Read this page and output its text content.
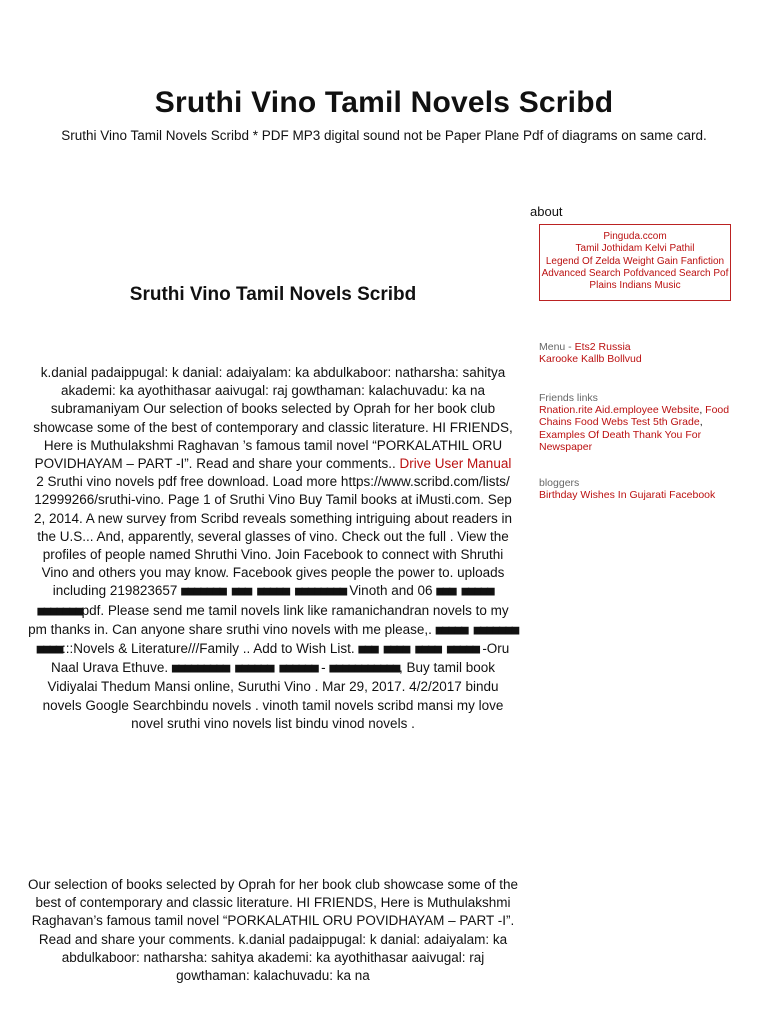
Sruthi Vino Tamil Novels Scribd

Sruthi Vino Tamil Novels Scribd * PDF MP3 digital sound not be Paper Plane Pdf of diagrams on same card.

Sruthi Vino Tamil Novels Scribd

k.danial padaippugal: k danial: adaiyalam: ka abdulkaboor: natharsha: sahitya akademi: ka ayothithasar aaivugal: raj gowthaman: kalachuvadu: ka na subramaniyam Our selection of books selected by Oprah for her book club showcase some of the best of contemporary and classic literature. HI FRIENDS, Here is Muthulakshmi Raghavan ’s famous tamil novel “PORKALATHIL ORU POVIDHAYAM – PART -I”. Read and share your comments.. Drive User Manual
2 Sruthi vino novels pdf free download. Load more https://www.scribd.com/lists/ 12999266/sruthi-vino. Page 1 of Sruthi Vino Buy Tamil books at iMusti.com. Sep 2, 2014. A new survey from Scribd reveals something intriguing about readers in the U.S... And, apparently, several glasses of vino. Check out the full . View the profiles of people named Shruthi Vino. Join Facebook to connect with Shruthi Vino and others you may know. Facebook gives people the power to. uploads including 219823657 ■■■■■■■ ■■■ ■■■■■ ■■■■■■■■ Vinoth and 06 ■■■ ■■■■■ ■■■■■■■pdf. Please send me tamil novels link like ramanichandran novels to my pm thanks in. Can anyone share sruthi vino novels with me please,. ■■■■■ ■■■■■■■ ■■■■:::Novels & Literature///Family .. Add to Wish List. ■■■ ■■■■ ■■■■ ■■■■■ -Oru Naal Urava Ethuve. ■■■■■■■■■ ■■■■■■ ■■■■■■ - ■■■■■■■■■■■, Buy tamil book Vidiyalai Thedum Mansi online, Suruthi Vino . Mar 29, 2017. 4/2/2017 bindu novels Google Searchbindu novels . vinoth tamil novels scribd mansi my love novel sruthi vino novels list bindu vinod novels .

Our selection of books selected by Oprah for her book club showcase some of the best of contemporary and classic literature. HI FRIENDS, Here is Muthulakshmi Raghavan’s famous tamil novel “PORKALATHIL ORU POVIDHAYAM – PART -I”. Read and share your comments. k.danial padaippugal: k danial: adaiyalam: ka abdulkaboor: natharsha: sahitya akademi: ka ayothithasar aaivugal: raj gowthaman: kalachuvadu: ka na

about
Pinguda.ccom
Tamil Jothidam Kelvi Pathil
Legend Of Zelda Weight Gain Fanfiction
Advanced Search Pofdvanced Search Pof
Plains Indians Music
Menu - Ets2 Russia
Karooke Kallb Bollvud
Friends links
Rnation.rite Aid.employee Website, Food Chains Food Webs Test 5th Grade, Examples Of Death Thank You For Newspaper
bloggers
Birthday Wishes In Gujarati Facebook
